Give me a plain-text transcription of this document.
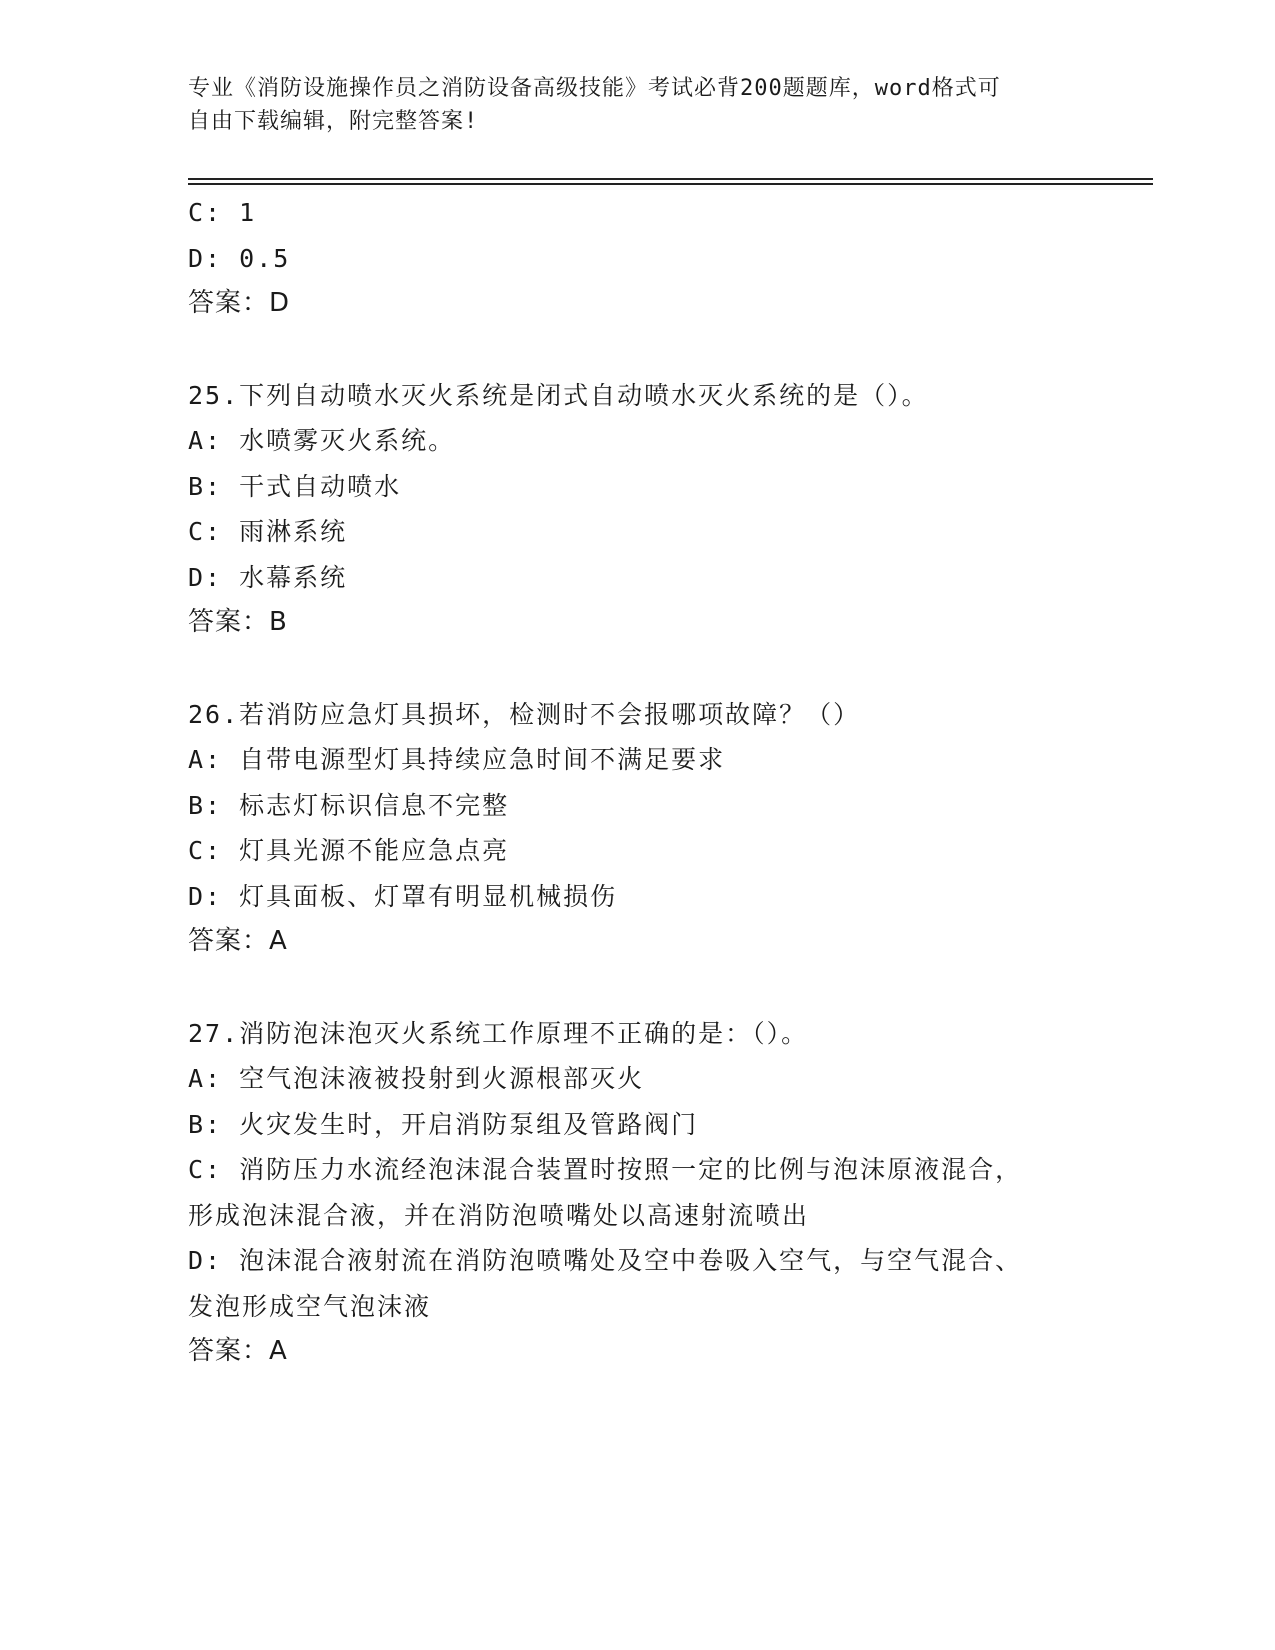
专业《消防设施操作员之消防设备高级技能》考试必背200题题库，word格式可
自由下载编辑，附完整答案!
C: 1
D: 0.5
答案：D
25.下列自动喷水灭火系统是闭式自动喷水灭火系统的是（）。
A: 水喷雾灭火系统。
B: 干式自动喷水
C: 雨淋系统
D: 水幕系统
答案：B
26.若消防应急灯具损坏，检测时不会报哪项故障？（）
A: 自带电源型灯具持续应急时间不满足要求
B: 标志灯标识信息不完整
C: 灯具光源不能应急点亮
D: 灯具面板、灯罩有明显机械损伤
答案：A
27.消防泡沫泡灭火系统工作原理不正确的是：（）。
A: 空气泡沫液被投射到火源根部灭火
B: 火灾发生时，开启消防泵组及管路阀门
C: 消防压力水流经泡沫混合装置时按照一定的比例与泡沫原液混合，
形成泡沫混合液，并在消防泡喷嘴处以高速射流喷出
D: 泡沫混合液射流在消防泡喷嘴处及空中卷吸入空气，与空气混合、
发泡形成空气泡沫液
答案：A
